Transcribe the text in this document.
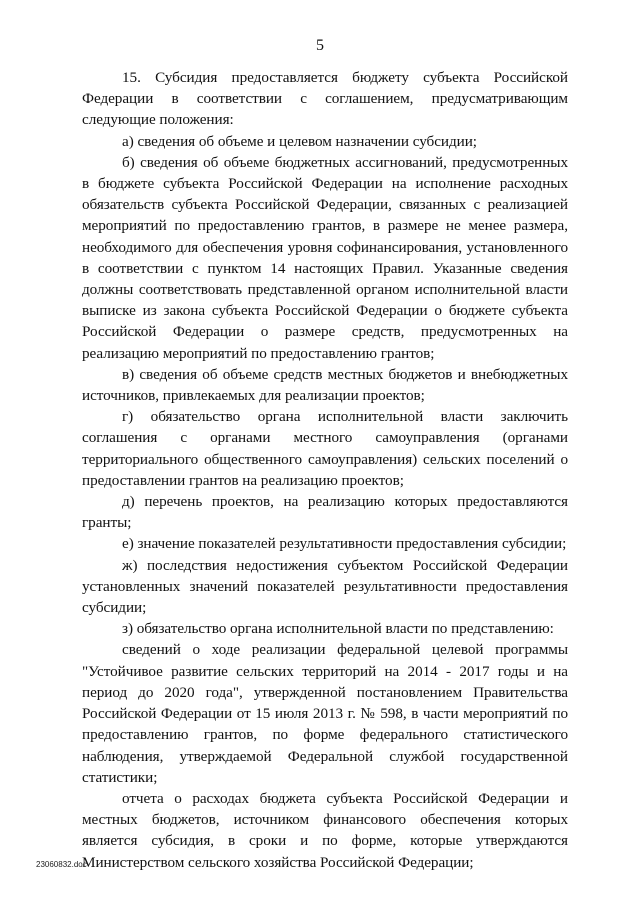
5

15. Субсидия предоставляется бюджету субъекта Российской Федерации в соответствии с соглашением, предусматривающим следующие положения:

а) сведения об объеме и целевом назначении субсидии;

б) сведения об объеме бюджетных ассигнований, предусмотренных в бюджете субъекта Российской Федерации на исполнение расходных обязательств субъекта Российской Федерации, связанных с реализацией мероприятий по предоставлению грантов, в размере не менее размера, необходимого для обеспечения уровня софинансирования, установленного в соответствии с пунктом 14 настоящих Правил. Указанные сведения должны соответствовать представленной органом исполнительной власти выписке из закона субъекта Российской Федерации о бюджете субъекта Российской Федерации о размере средств, предусмотренных на реализацию мероприятий по предоставлению грантов;

в) сведения об объеме средств местных бюджетов и внебюджетных источников, привлекаемых для реализации проектов;

г) обязательство органа исполнительной власти заключить соглашения с органами местного самоуправления (органами территориального общественного самоуправления) сельских поселений о предоставлении грантов на реализацию проектов;

д) перечень проектов, на реализацию которых предоставляются гранты;

е) значение показателей результативности предоставления субсидии;

ж) последствия недостижения субъектом Российской Федерации установленных значений показателей результативности предоставления субсидии;

з) обязательство органа исполнительной власти по представлению:

сведений о ходе реализации федеральной целевой программы "Устойчивое развитие сельских территорий на 2014 - 2017 годы и на период до 2020 года", утвержденной постановлением Правительства Российской Федерации от 15 июля 2013 г. № 598, в части мероприятий по предоставлению грантов, по форме федерального статистического наблюдения, утверждаемой Федеральной службой государственной статистики;

отчета о расходах бюджета субъекта Российской Федерации и местных бюджетов, источником финансового обеспечения которых является субсидия, в сроки и по форме, которые утверждаются Министерством сельского хозяйства Российской Федерации;

23060832.doc
